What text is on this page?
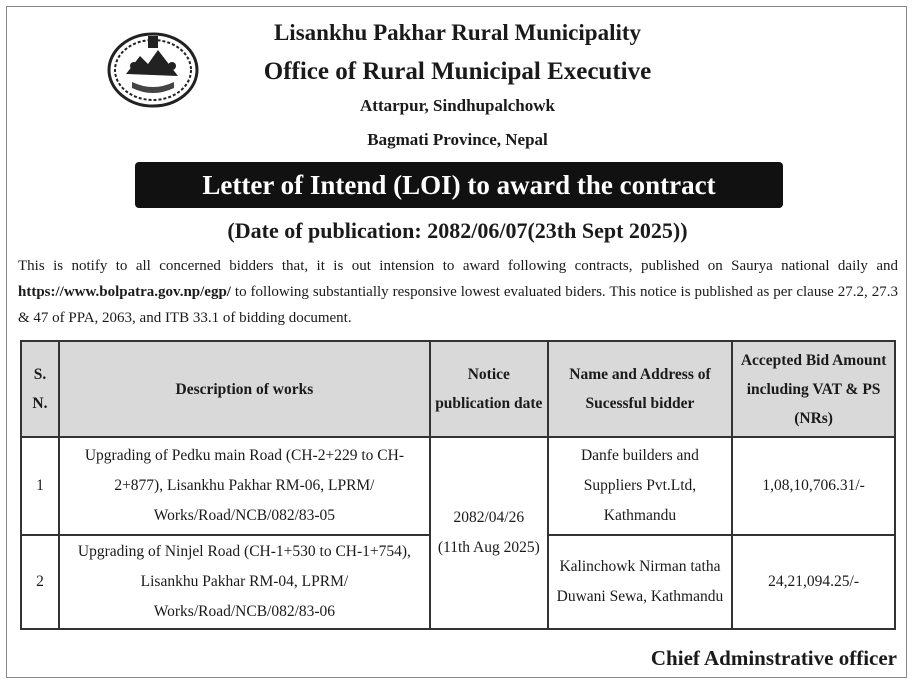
Lisankhu Pakhar Rural Municipality
Office of Rural Municipal Executive
Attarpur, Sindhupalchowk
Bagmati Province, Nepal
Letter of Intend (LOI) to award the contract
(Date of publication: 2082/06/07(23th Sept 2025))
This is notify to all concerned bidders that, it is out intension to award following contracts, published on Saurya national daily and https://www.bolpatra.gov.np/egp/ to following substantially responsive lowest evaluated biders. This notice is published as per clause 27.2, 27.3 & 47 of PPA, 2063, and ITB 33.1 of bidding document.
S. N.	Description of works	Notice publication date	Name and Address of Sucessful bidder	Accepted Bid Amount including VAT & PS (NRs)
1	Upgrading of Pedku main Road (CH-2+229 to CH-2+877), Lisankhu Pakhar RM-06, LPRM/ Works/Road/NCB/082/83-05	2082/04/26 (11th Aug 2025)	Danfe builders and Suppliers Pvt.Ltd, Kathmandu	1,08,10,706.31/-
2	Upgrading of Ninjel Road (CH-1+530 to CH-1+754), Lisankhu Pakhar RM-04, LPRM/ Works/Road/NCB/082/83-06		Kalinchowk Nirman tatha Duwani Sewa, Kathmandu	24,21,094.25/-
Chief Adminstrative officer
